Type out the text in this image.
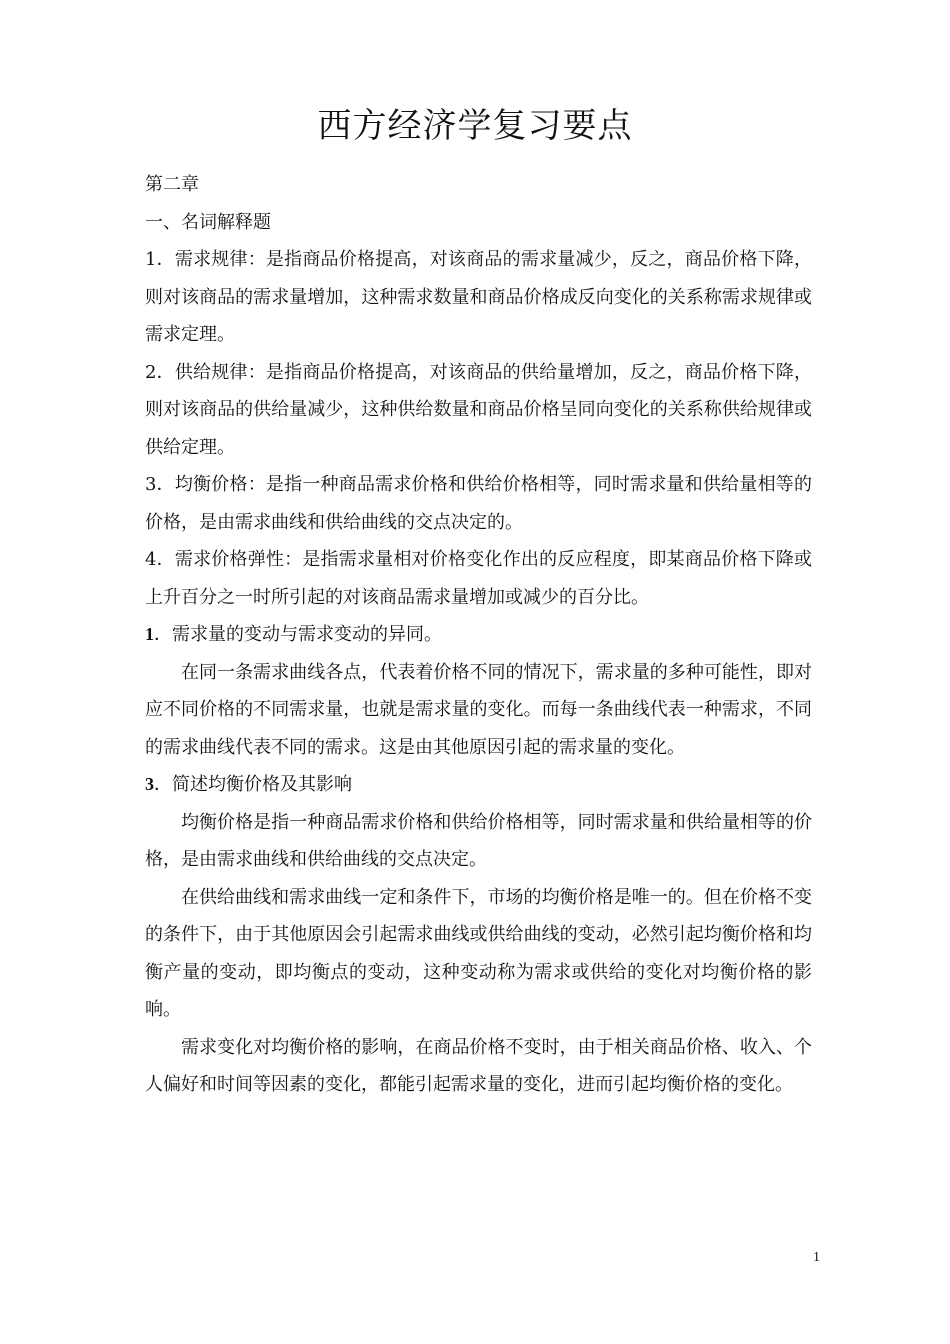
西方经济学复习要点

第二章

一、名词解释题

1．需求规律：是指商品价格提高，对该商品的需求量减少，反之，商品价格下降，则对该商品的需求量增加，这种需求数量和商品价格成反向变化的关系称需求规律或需求定理。

2．供给规律：是指商品价格提高，对该商品的供给量增加，反之，商品价格下降，则对该商品的供给量减少，这种供给数量和商品价格呈同向变化的关系称供给规律或供给定理。

3．均衡价格：是指一种商品需求价格和供给价格相等，同时需求量和供给量相等的价格，是由需求曲线和供给曲线的交点决定的。

4．需求价格弹性：是指需求量相对价格变化作出的反应程度，即某商品价格下降或上升百分之一时所引起的对该商品需求量增加或减少的百分比。

1．需求量的变动与需求变动的异同。

在同一条需求曲线各点，代表着价格不同的情况下，需求量的多种可能性，即对应不同价格的不同需求量，也就是需求量的变化。而每一条曲线代表一种需求，不同的需求曲线代表不同的需求。这是由其他原因引起的需求量的变化。

3．简述均衡价格及其影响

均衡价格是指一种商品需求价格和供给价格相等，同时需求量和供给量相等的价格，是由需求曲线和供给曲线的交点决定。

在供给曲线和需求曲线一定和条件下，市场的均衡价格是唯一的。但在价格不变的条件下，由于其他原因会引起需求曲线或供给曲线的变动，必然引起均衡价格和均衡产量的变动，即均衡点的变动，这种变动称为需求或供给的变化对均衡价格的影响。

需求变化对均衡价格的影响，在商品价格不变时，由于相关商品价格、收入、个人偏好和时间等因素的变化，都能引起需求量的变化，进而引起均衡价格的变化。

1
